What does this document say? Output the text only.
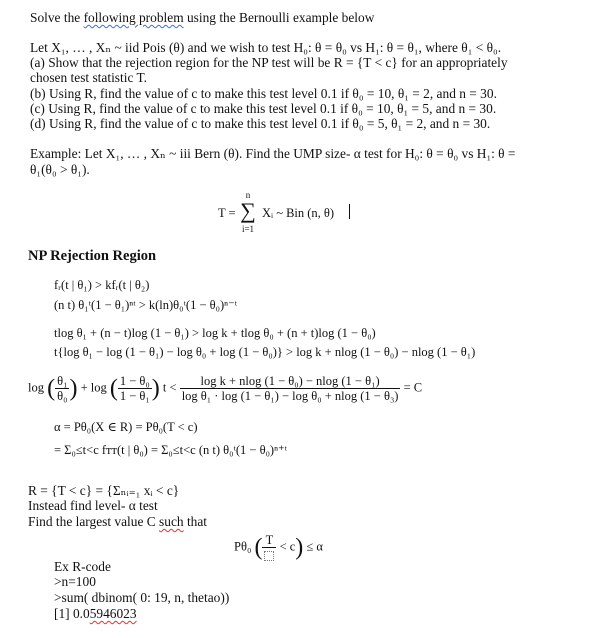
Solve the following problem using the Bernoulli example below
Let X₁, … , Xₙ ~ iid Pois (θ) and we wish to test H₀: θ = θ₀ vs H₁: θ = θ₁, where θ₁ < θ₀.
(a) Show that the rejection region for the NP test will be R = {T < c} for an appropriately
chosen test statistic T.
(b) Using R, find the value of c to make this test level 0.1 if θ₀ = 10, θ₁ = 2, and n = 30.
(c) Using R, find the value of c to make this test level 0.1 if θ₀ = 10, θ₁ = 5, and n = 30.
(d) Using R, find the value of c to make this test level 0.1 if θ₀ = 5, θ₁ = 2, and n = 30.
Example: Let X₁, … , Xₙ ~ iii Bern (θ). Find the UMP size- α test for H₀: θ = θ₀ vs H₁: θ =
θ₁(θ₀ > θ₁).
T =
n
∑
i=1
Xᵢ ~ Bin (n, θ)
NP Rejection Region
fᵣ(t | θ₁) > kfᵣ(t | θ₂)
(n t) θ₁ᵗ(1 − θ₁)ⁿᵗ > k(ln)θ₀ᵗ(1 − θ₀)ⁿ⁻ᵗ
tlog θ₁ + (n − t)log (1 − θ₁) > log k + tlog θ₀ + (n + t)log (1 − θ₀)
t{log θ₁ − log (1 − θ₁) − log θ₀ + log (1 − θ₀)} > log k + nlog (1 − θ₀) − nlog (1 − θ₁)
log ( $\frac{\text{θ₁}}{\text{θ₀}}$ ) + log ( $\frac{\text{1 − θ₀}}{\text{1 − θ₁}}$ ) $t < \frac{\text{log k + nlog (1 − θ₀) − nlog (1 − θ₁)}}{\text{log θ₁ · log (1 − θ₁) − log θ₀ + nlog (1 − θ₃)}} = C$
α = Pθ₀(X ∈ R) = Pθ₀(T < c)
= Σ₀≤t<c fᴛᴛ(t | θ₀) = Σ₀≤t<c (n t) θ₀ᵗ(1 − θ₀)ⁿ⁺ᵗ
R = {T < c} = {Σₙᵢ₌₁ xᵢ < c}
Instead find level- α test
Find the largest value C such that
Pθ₀ ( T < c) ≤ α
Ex R-code
>n=100
>sum( dbinom( 0: 19, n, thetao))
[1] 0.05946023
